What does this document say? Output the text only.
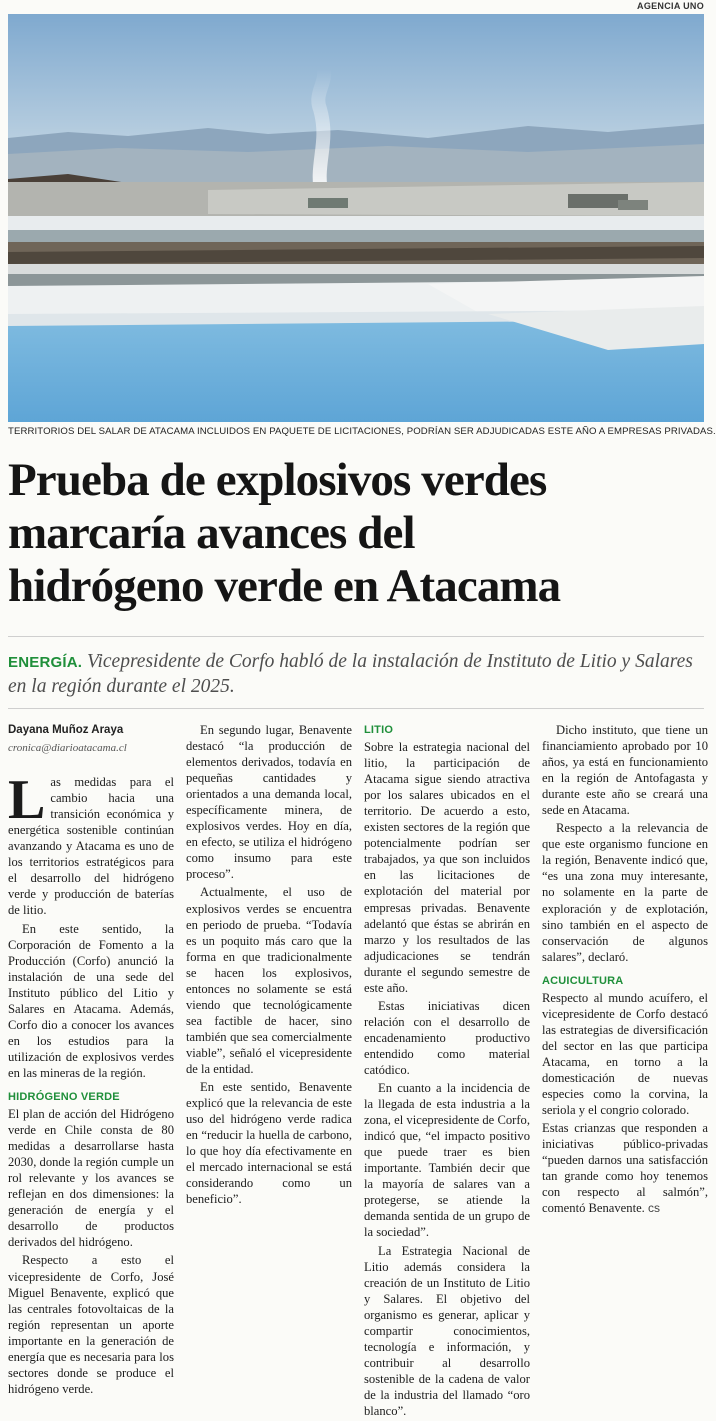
AGENCIA UNO
TERRITORIOS DEL SALAR DE ATACAMA INCLUIDOS EN PAQUETE DE LICITACIONES, PODRÍAN SER ADJUDICADAS ESTE AÑO A EMPRESAS PRIVADAS.
Prueba de explosivos verdes
marcaría avances del
hidrógeno verde en Atacama
ENERGÍA. Vicepresidente de Corfo habló de la instalación de Instituto de Litio y Salares en la región durante el 2025.
Dayana Muñoz Araya
cronica@diarioatacama.cl

Las medidas para el cambio hacia una transición económica y energética sostenible continúan avanzando y Atacama es uno de los territorios estratégicos para el desarrollo del hidrógeno verde y producción de baterías de litio.

En este sentido, la Corporación de Fomento a la Producción (Corfo) anunció la instalación de una sede del Instituto público del Litio y Salares en Atacama. Además, Corfo dio a conocer los avances en los estudios para la utilización de explosivos verdes en las mineras de la región.

HIDRÓGENO VERDE

El plan de acción del Hidrógeno verde en Chile consta de 80 medidas a desarrollarse hasta 2030, donde la región cumple un rol relevante y los avances se reflejan en dos dimensiones: la generación de energía y el desarrollo de productos derivados del hidrógeno.

Respecto a esto el vicepresidente de Corfo, José Miguel Benavente, explicó que las centrales fotovoltaicas de la región representan un aporte importante en la generación de energía que es necesaria para los sectores donde se produce el hidrógeno verde.

En segundo lugar, Benavente destacó “la producción de elementos derivados, todavía en pequeñas cantidades y orientados a una demanda local, específicamente minera, de explosivos verdes. Hoy en día, en efecto, se utiliza el hidrógeno como insumo para este proceso”.

Actualmente, el uso de explosivos verdes se encuentra en periodo de prueba. “Todavía es un poquito más caro que la forma en que tradicionalmente se hacen los explosivos, entonces no solamente se está viendo que tecnológicamente sea factible de hacer, sino también que sea comercialmente viable”, señaló el vicepresidente de la entidad.

En este sentido, Benavente explicó que la relevancia de este uso del hidrógeno verde radica en “reducir la huella de carbono, lo que hoy día efectivamente en el mercado internacional se está considerando como un beneficio”.

LITIO

Sobre la estrategia nacional del litio, la participación de Atacama sigue siendo atractiva por los salares ubicados en el territorio. De acuerdo a esto, existen sectores de la región que potencialmente podrían ser trabajados, ya que son incluidos en las licitaciones de explotación del material por empresas privadas. Benavente adelantó que éstas se abrirán en marzo y los resultados de las adjudicaciones se tendrán durante el segundo semestre de este año.

Estas iniciativas dicen relación con el desarrollo de encadenamiento productivo entendido como material catódico.

En cuanto a la incidencia de la llegada de esta industria a la zona, el vicepresidente de Corfo, indicó que, “el impacto positivo que puede traer es bien importante. También decir que la mayoría de salares van a protegerse, se atiende la demanda sentida de un grupo de la sociedad”.

La Estrategia Nacional de Litio además considera la creación de un Instituto de Litio y Salares. El objetivo del organismo es generar, aplicar y compartir conocimientos, tecnología e información, y contribuir al desarrollo sostenible de la cadena de valor de la industria del llamado “oro blanco”.

Dicho instituto, que tiene un financiamiento aprobado por 10 años, ya está en funcionamiento en la región de Antofagasta y durante este año se creará una sede en Atacama.

Respecto a la relevancia de que este organismo funcione en la región, Benavente indicó que, “es una zona muy interesante, no solamente en la parte de exploración y de explotación, sino también en el aspecto de conservación de algunos salares”, declaró.

ACUICULTURA

Respecto al mundo acuífero, el vicepresidente de Corfo destacó las estrategias de diversificación del sector en las que participa Atacama, en torno a la domesticación de nuevas especies como la corvina, la seriola y el congrio colorado.

Estas crianzas que responden a iniciativas público-privadas “pueden darnos una satisfacción tan grande como hoy tenemos con respecto al salmón”, comentó Benavente. cs
